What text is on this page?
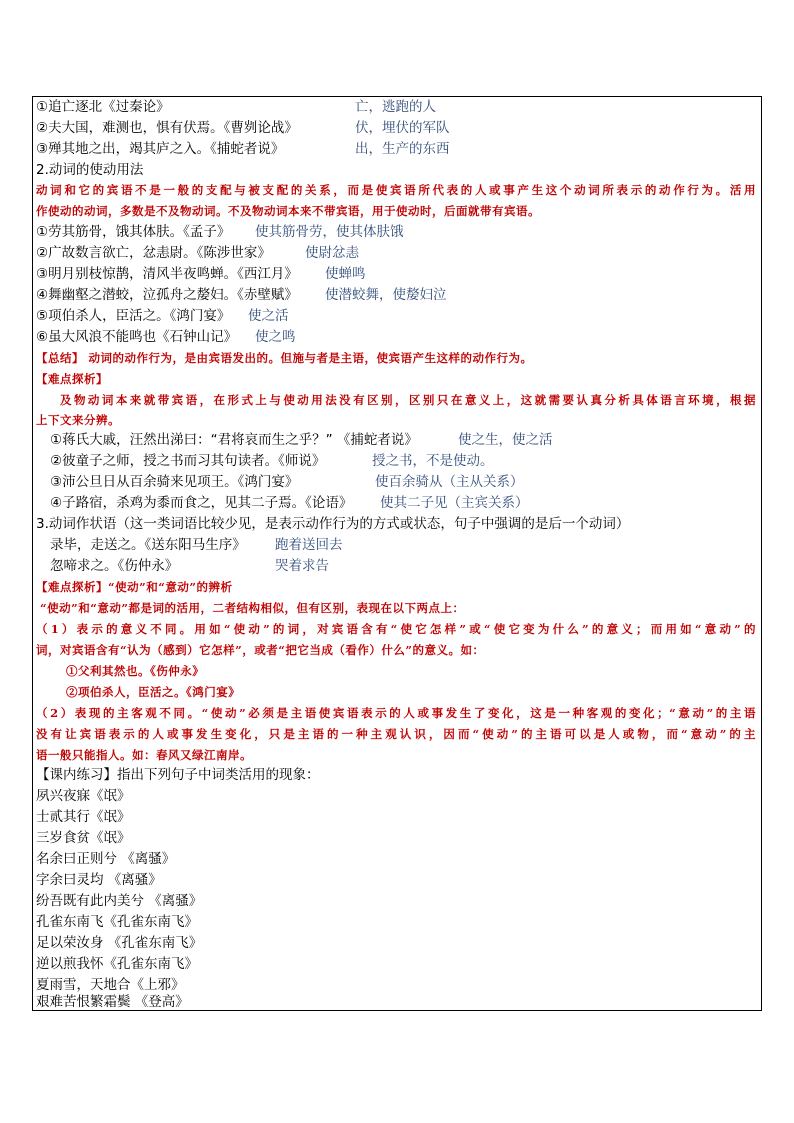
①追亡逐北《过秦论》	亡，逃跑的人
②夫大国，难测也，惧有伏焉。《曹刿论战》	伏，埋伏的军队
③殚其地之出，竭其庐之入。《捕蛇者说》	出，生产的东西
2.动词的使动用法
动词和它的宾语不是一般的支配与被支配的关系，而是使宾语所代表的人或事产生这个动词所表示的动作行为。活用
作使动的动词，多数是不及物动词。不及物动词本来不带宾语，用于使动时，后面就带有宾语。
①劳其筋骨，饿其体肤。《孟子》 使其筋骨劳，使其体肤饿
②广故数言欲亡，忿恚尉。《陈涉世家》	使尉忿恚
③明月别枝惊鹊，清风半夜鸣蝉。《西江月》 使蝉鸣
④舞幽壑之潜蛟，泣孤舟之嫠妇。《赤壁赋》 使潜蛟舞，使嫠妇泣
⑤项伯杀人，臣活之。《鸿门宴》 使之活
⑥虽大风浪不能鸣也《石钟山记》 使之鸣
【总结】 动词的动作行为，是由宾语发出的。但施与者是主语，使宾语产生这样的动作行为。
【难点探析】
及物动词本来就带宾语，在形式上与使动用法没有区别，区别只在意义上，这就需要认真分析具体语言环境，根据
上下文来分辨。
①蒋氏大戚，汪然出涕曰：“君将哀而生之乎？” 《捕蛇者说》	使之生，使之活
②彼童子之师，授之书而习其句读者。《师说》	授之书，不是使动。
③沛公旦日从百余骑来见项王。《鸿门宴》	使百余骑从（主从关系）
④子路宿，杀鸡为黍而食之，见其二子焉。《论语》 使其二子见（主宾关系）
3.动词作状语（这一类词语比较少见，是表示动作行为的方式或状态，句子中强调的是后一个动词）
录毕，走送之。《送东阳马生序》 跑着送回去
忽啼求之。《伤仲永》	哭着求告
【难点探析】“使动”和“意动”的辨析
“使动”和“意动”都是词的活用，二者结构相似，但有区别，表现在以下两点上：
（1）表示的意义不同。用如“使动”的词，对宾语含有“使它怎样”或“使它变为什么”的意义；而用如“意动”的
词，对宾语含有“认为（感到）它怎样”，或者“把它当成（看作）什么”的意义。如：
①父利其然也。《伤仲永》
②项伯杀人，臣活之。《鸿门宴》
（2）表现的主客观不同。“使动”必须是主语使宾语表示的人或事发生了变化，这是一种客观的变化；“意动”的主语
没有让宾语表示的人或事发生变化，只是主语的一种主观认识，因而“使动”的主语可以是人或物，而“意动”的主
语一般只能指人。如：春风又绿江南岸。
【课内练习】指出下列句子中词类活用的现象：
夙兴夜寐《氓》
士贰其行《氓》
三岁食贫《氓》
名余曰正则兮 《离骚》
字余曰灵均 《离骚》
纷吾既有此内美兮 《离骚》
孔雀东南飞《孔雀东南飞》
足以荣汝身 《孔雀东南飞》
逆以煎我怀《孔雀东南飞》
夏雨雪，天地合《上邪》
艰难苦恨繁霜鬓 《登高》
